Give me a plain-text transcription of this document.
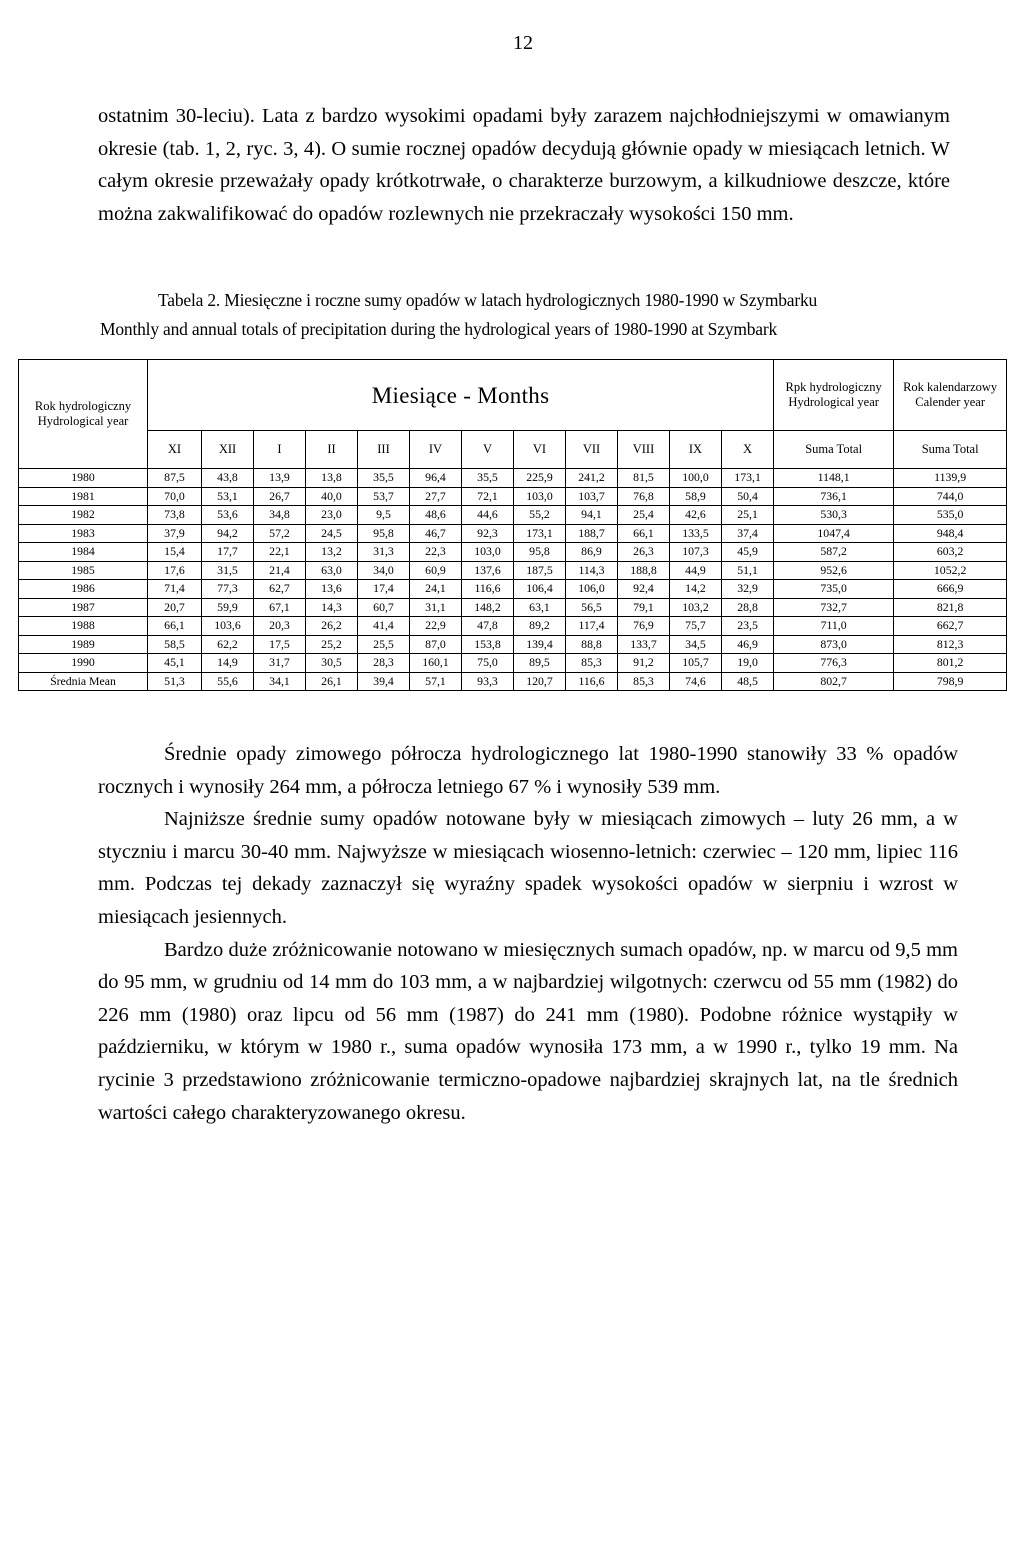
12
ostatnim 30-leciu). Lata z bardzo wysokimi opadami były zarazem najchłodniejszymi w omawianym okresie (tab. 1, 2, ryc. 3, 4). O sumie rocznej opadów decydują głównie opady w miesiącach letnich. W całym okresie przeważały opady krótkotrwałe, o charakterze burzowym, a kilkudniowe deszcze, które można zakwalifikować do opadów rozlewnych nie przekraczały wysokości 150 mm.
Tabela 2. Miesięczne i roczne sumy opadów w latach hydrologicznych 1980-1990 w Szymbarku
Monthly and annual totals of precipitation during the hydrological years of 1980-1990 at Szymbark
Rok hydrologiczny Hydrological year	Miesiące - Months												Rpk hydrologiczny Hydrological year	Rok kalendarzowy Calender year
	XI	XII	I	II	III	IV	V	VI	VII	VIII	IX	X	Suma Total	Suma Total
1980	87,5	43,8	13,9	13,8	35,5	96,4	35,5	225,9	241,2	81,5	100,0	173,1	1148,1	1139,9
1981	70,0	53,1	26,7	40,0	53,7	27,7	72,1	103,0	103,7	76,8	58,9	50,4	736,1	744,0
1982	73,8	53,6	34,8	23,0	9,5	48,6	44,6	55,2	94,1	25,4	42,6	25,1	530,3	535,0
1983	37,9	94,2	57,2	24,5	95,8	46,7	92,3	173,1	188,7	66,1	133,5	37,4	1047,4	948,4
1984	15,4	17,7	22,1	13,2	31,3	22,3	103,0	95,8	86,9	26,3	107,3	45,9	587,2	603,2
1985	17,6	31,5	21,4	63,0	34,0	60,9	137,6	187,5	114,3	188,8	44,9	51,1	952,6	1052,2
1986	71,4	77,3	62,7	13,6	17,4	24,1	116,6	106,4	106,0	92,4	14,2	32,9	735,0	666,9
1987	20,7	59,9	67,1	14,3	60,7	31,1	148,2	63,1	56,5	79,1	103,2	28,8	732,7	821,8
1988	66,1	103,6	20,3	26,2	41,4	22,9	47,8	89,2	117,4	76,9	75,7	23,5	711,0	662,7
1989	58,5	62,2	17,5	25,2	25,5	87,0	153,8	139,4	88,8	133,7	34,5	46,9	873,0	812,3
1990	45,1	14,9	31,7	30,5	28,3	160,1	75,0	89,5	85,3	91,2	105,7	19,0	776,3	801,2
Średnia Mean	51,3	55,6	34,1	26,1	39,4	57,1	93,3	120,7	116,6	85,3	74,6	48,5	802,7	798,9

Średnie opady zimowego półrocza hydrologicznego lat 1980-1990 stanowiły 33 % opadów rocznych i wynosiły 264 mm, a półrocza letniego 67 % i wynosiły 539 mm.

Najniższe średnie sumy opadów notowane były w miesiącach zimowych – luty 26 mm, a w styczniu i marcu 30-40 mm. Najwyższe w miesiącach wiosenno-letnich: czerwiec – 120 mm, lipiec 116 mm. Podczas tej dekady zaznaczył się wyraźny spadek wysokości opadów w sierpniu i wzrost w miesiącach jesiennych.

Bardzo duże zróżnicowanie notowano w miesięcznych sumach opadów, np. w marcu od 9,5 mm do 95 mm, w grudniu od 14 mm do 103 mm, a w najbardziej wilgotnych: czerwcu od 55 mm (1982) do 226 mm (1980) oraz lipcu od 56 mm (1987) do 241 mm (1980). Podobne różnice wystąpiły w październiku, w którym w 1980 r., suma opadów wynosiła 173 mm, a w 1990 r., tylko 19 mm. Na rycinie 3 przedstawiono zróżnicowanie termiczno-opadowe najbardziej skrajnych lat, na tle średnich wartości całego charakteryzowanego okresu.
